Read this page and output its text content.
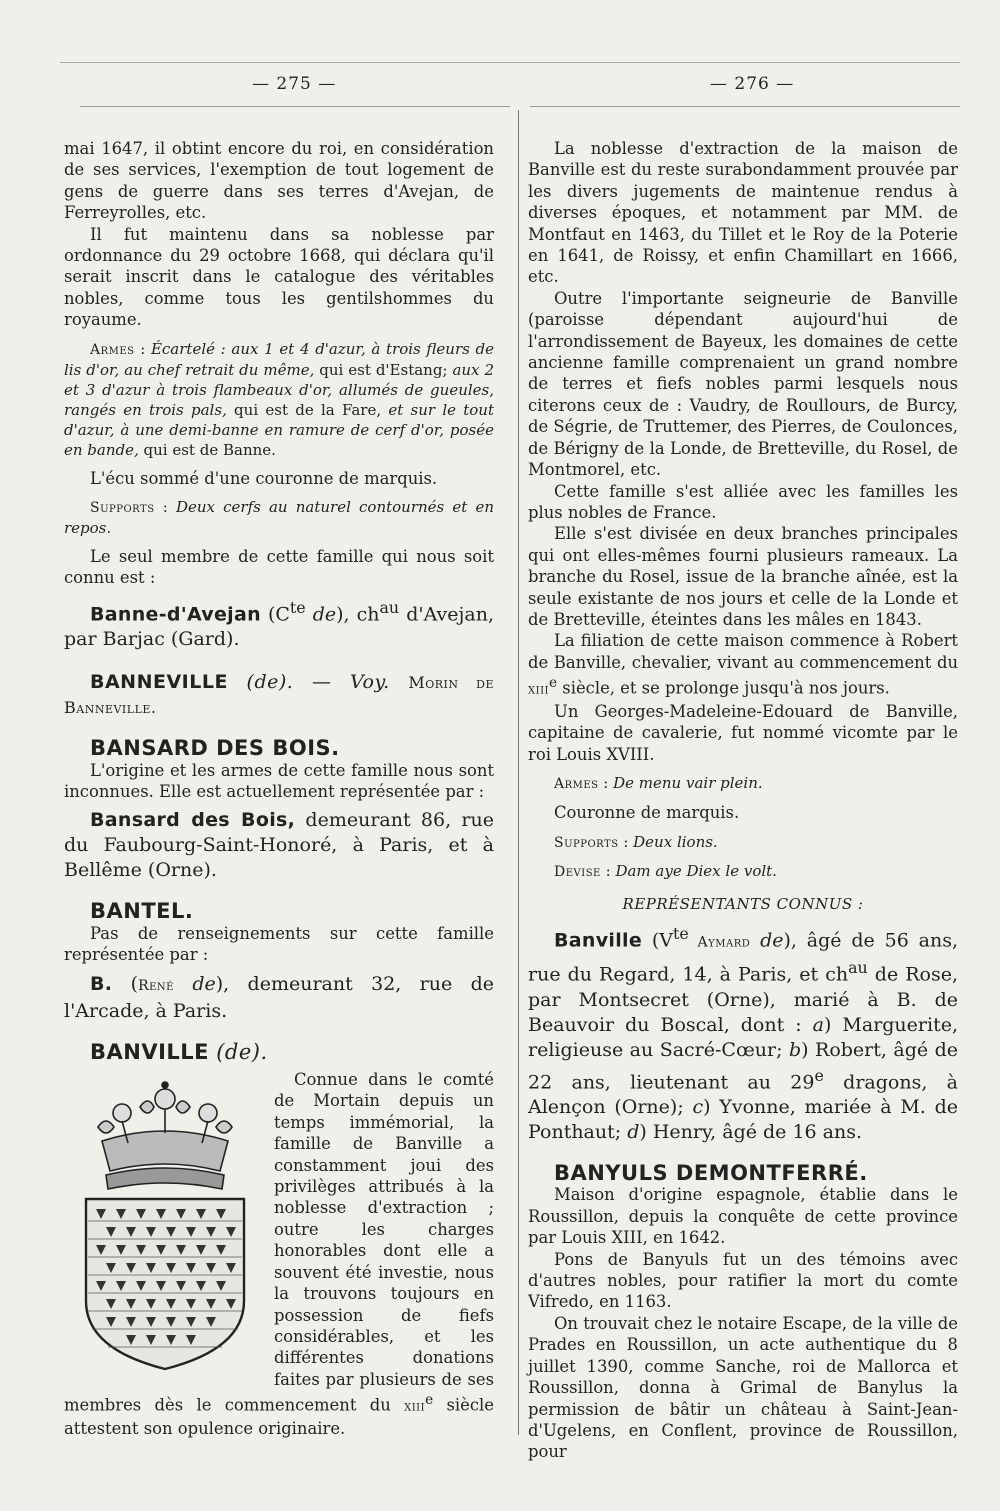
— 275 —	— 276 —

mai 1647, il obtint encore du roi, en considération de ses services, l'exemption de tout logement de gens de guerre dans ses terres d'Avejan, de Ferreyrolles, etc.

Il fut maintenu dans sa noblesse par ordonnance du 29 octobre 1668, qui déclara qu'il serait inscrit dans le catalogue des véritables nobles, comme tous les gentilshommes du royaume.

Armes : Écartelé : aux 1 et 4 d'azur, à trois fleurs de lis d'or, au chef retrait du même, qui est d'Estang; aux 2 et 3 d'azur à trois flambeaux d'or, allumés de gueules, rangés en trois pals, qui est de la Fare, et sur le tout d'azur, à une demi-banne en ramure de cerf d'or, posée en bande, qui est de Banne.

L'écu sommé d'une couronne de marquis.

Supports : Deux cerfs au naturel contournés et en repos.

Le seul membre de cette famille qui nous soit connu est :

Banne-d'Avejan ($C^{te}$ de), $ch^{au}$ d'Avejan, par Barjac (Gard).

BANNEVILLE (de). — Voy. Morin de Banneville.

BANSARD DES BOIS.

L'origine et les armes de cette famille nous sont inconnues. Elle est actuellement représentée par :

Bansard des Bois, demeurant 86, rue du Faubourg-Saint-Honoré, à Paris, et à Bellême (Orne).

BANTEL.

Pas de renseignements sur cette famille représentée par :

B. (René de), demeurant 32, rue de l'Arcade, à Paris.

BANVILLE (de).

Connue dans le comté de Mortain depuis un temps immémorial, la famille de Banville a constamment joui des privilèges attribués à la noblesse d'extraction ; outre les charges honorables dont elle a souvent été investie, nous la trouvons toujours en possession de fiefs considérables, et les différentes donations faites par plusieurs de ses membres dès le commencement du xiii$^e$ siècle attestent son opulence originaire.

La noblesse d'extraction de la maison de Banville est du reste surabondamment prouvée par les divers jugements de maintenue rendus à diverses époques, et notamment par MM. de Montfaut en 1463, du Tillet et le Roy de la Poterie en 1641, de Roissy, et enfin Chamillart en 1666, etc.

Outre l'importante seigneurie de Banville (paroisse dépendant aujourd'hui de l'arrondissement de Bayeux, les domaines de cette ancienne famille comprenaient un grand nombre de terres et fiefs nobles parmi lesquels nous citerons ceux de : Vaudry, de Roullours, de Burcy, de Ségrie, de Truttemer, des Pierres, de Coulonces, de Bérigny de la Londe, de Bretteville, du Rosel, de Montmorel, etc.

Cette famille s'est alliée avec les familles les plus nobles de France.

Elle s'est divisée en deux branches principales qui ont elles-mêmes fourni plusieurs rameaux. La branche du Rosel, issue de la branche aînée, est la seule existante de nos jours et celle de la Londe et de Bretteville, éteintes dans les mâles en 1843.

La filiation de cette maison commence à Robert de Banville, chevalier, vivant au commencement du xiii$^e$ siècle, et se prolonge jusqu'à nos jours.

Un Georges-Madeleine-Edouard de Banville, capitaine de cavalerie, fut nommé vicomte par le roi Louis XVIII.

Armes : De menu vair plein.

Couronne de marquis.

Supports : Deux lions.

Devise : Dam aye Diex le volt.

REPRÉSENTANTS CONNUS :

Banville ($V^{te}$ Aymard de), âgé de 56 ans, rue du Regard, 14, à Paris, et $ch^{au}$ de Rose, par Montsecret (Orne), marié à B. de Beauvoir du Boscal, dont : a) Marguerite, religieuse au Sacré-Cœur; b) Robert, âgé de 22 ans, lieutenant au 29e dragons, à Alençon (Orne); c) Yvonne, mariée à M. de Ponthaut; d) Henry, âgé de 16 ans.

BANYULS DEMONTFERRÉ.

Maison d'origine espagnole, établie dans le Roussillon, depuis la conquête de cette province par Louis XIII, en 1642.

Pons de Banyuls fut un des témoins avec d'autres nobles, pour ratifier la mort du comte Vifredo, en 1163.

On trouvait chez le notaire Escape, de la ville de Prades en Roussillon, un acte authentique du 8 juillet 1390, comme Sanche, roi de Mallorca et Roussillon, donna à Grimal de Banylus la permission de bâtir un château à Saint-Jean-d'Ugelens, en Conflent, province de Roussillon, pour
